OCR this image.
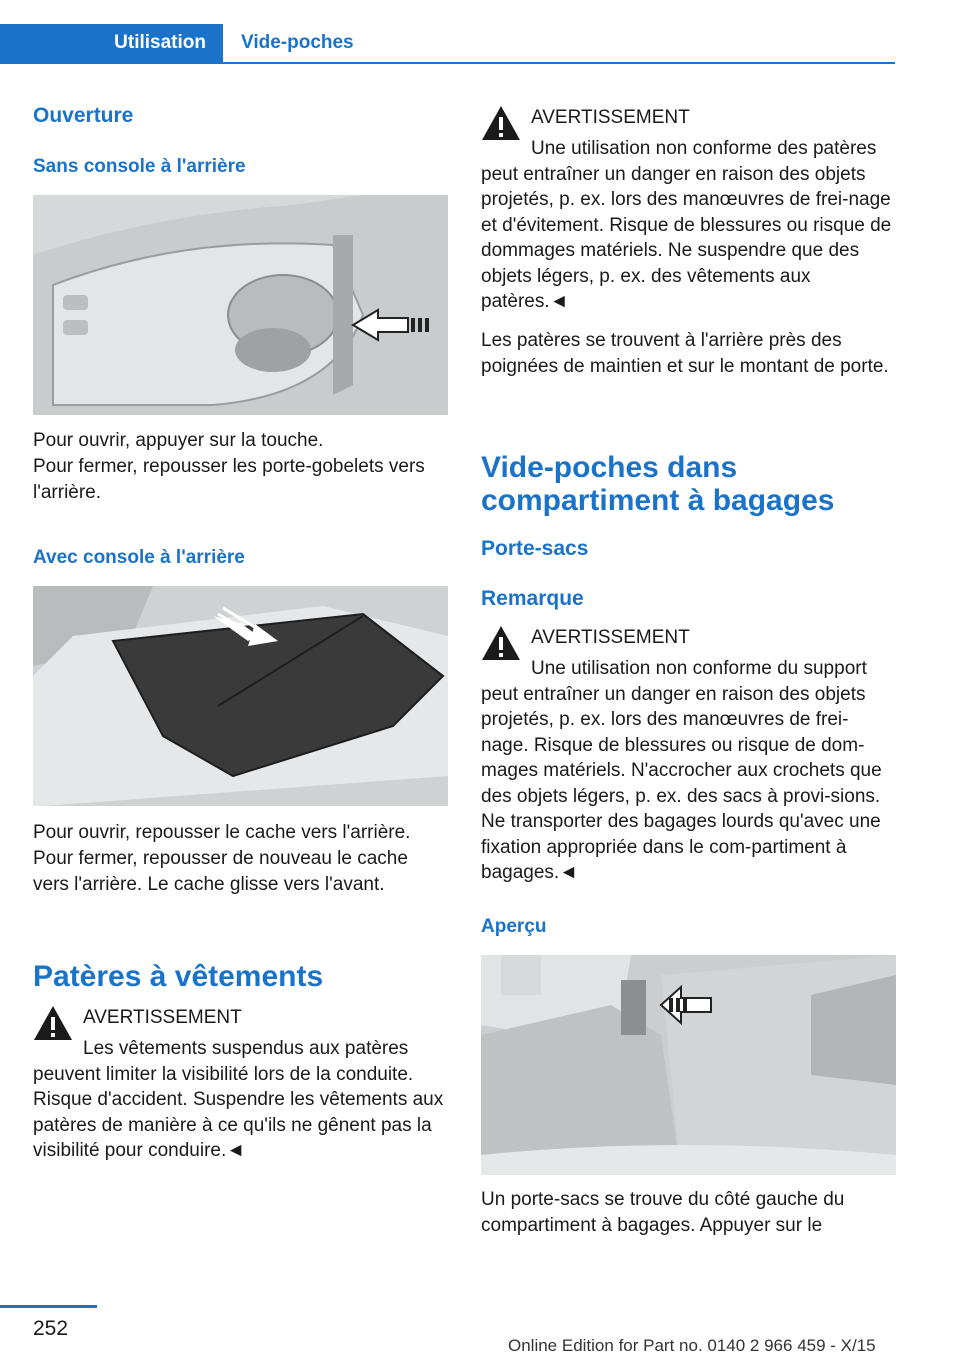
Utilisation	Vide-poches
Ouverture
Sans console à l'arrière

Pour ouvrir, appuyer sur la touche.

Pour fermer, repousser les porte-gobelets vers l'arrière.

Avec console à l'arrière

Pour ouvrir, repousser le cache vers l'arrière.

Pour fermer, repousser de nouveau le cache vers l'arrière. Le cache glisse vers l'avant.

Patères à vêtements
AVERTISSEMENT

Les vêtements suspendus aux patères
peuvent limiter la visibilité lors de la conduite. Risque d'accident. Suspendre les vêtements aux patères de manière à ce qu'ils ne gênent pas la visibilité pour conduire.◄

AVERTISSEMENT

Une utilisation non conforme des patères
peut entraîner un danger en raison des objets projetés, p. ex. lors des manœuvres de frei-nage et d'évitement. Risque de blessures ou risque de dommages matériels. Ne suspendre que des objets légers, p. ex. des vêtements aux patères.◄

Les patères se trouvent à l'arrière près des poignées de maintien et sur le montant de porte.

Vide-poches dans compartiment à bagages
Porte-sacs
Remarque
AVERTISSEMENT

Une utilisation non conforme du support
peut entraîner un danger en raison des objets projetés, p. ex. lors des manœuvres de frei-nage. Risque de blessures ou risque de dom-mages matériels. N'accrocher aux crochets que des objets légers, p. ex. des sacs à provi-sions. Ne transporter des bagages lourds qu'avec une fixation appropriée dans le com-partiment à bagages.◄

Aperçu

Un porte-sacs se trouve du côté gauche du compartiment à bagages. Appuyer sur le

252
Online Edition for Part no. 0140 2 966 459 - X/15
